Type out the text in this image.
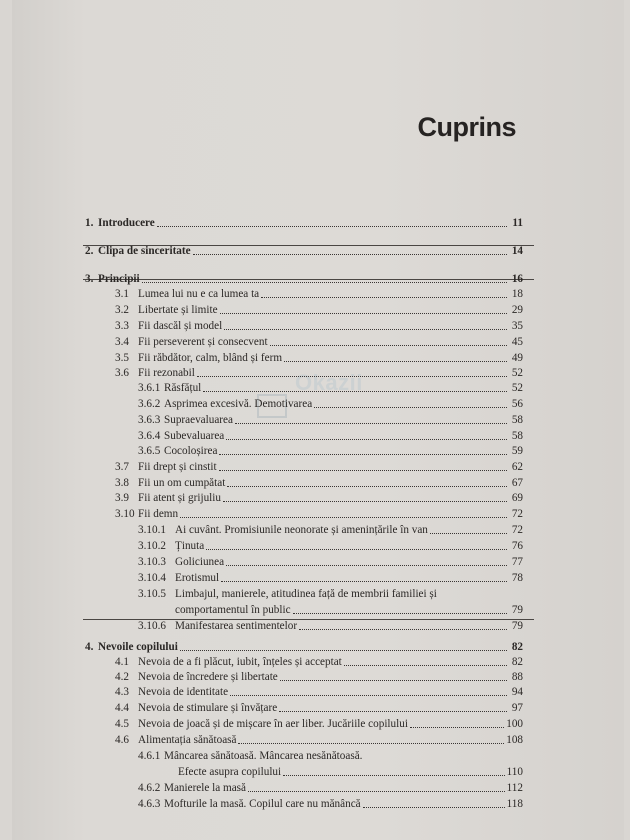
Okazii
Cuprins
1. Introducere	11
2. Clipa de sinceritate	14
3. Principii	16
3.1 Lumea lui nu e ca lumea ta	18
3.2 Libertate și limite	29
3.3 Fii dascăl și model	35
3.4 Fii perseverent și consecvent	45
3.5 Fii răbdător, calm, blând și ferm	49
3.6 Fii rezonabil	52
3.6.1 Răsfățul	52
3.6.2 Asprimea excesivă. Demotivarea	56
3.6.3 Supraevaluarea	58
3.6.4 Subevaluarea	58
3.6.5 Cocoloșirea	59
3.7 Fii drept și cinstit	62
3.8 Fii un om cumpătat	67
3.9 Fii atent și grijuliu	69
3.10 Fii demn	72
3.10.1 Ai cuvânt. Promisiunile neonorate și amenințările în van	72
3.10.2 Ținuta	76
3.10.3 Goliciunea	77
3.10.4 Erotismul	78
3.10.5 Limbajul, manierele, atitudinea față de membrii familiei și
comportamentul în public	79
3.10.6 Manifestarea sentimentelor	79
4. Nevoile copilului	82
4.1 Nevoia de a fi plăcut, iubit, înțeles și acceptat	82
4.2 Nevoia de încredere și libertate	88
4.3 Nevoia de identitate	94
4.4 Nevoia de stimulare și învățare	97
4.5 Nevoia de joacă și de mișcare în aer liber. Jucăriile copilului	100
4.6 Alimentația sănătoasă	108
4.6.1 Mâncarea sănătoasă. Mâncarea nesănătoasă.
Efecte asupra copilului	110
4.6.2 Manierele la masă	112
4.6.3 Mofturile la masă. Copilul care nu mănâncă	118
